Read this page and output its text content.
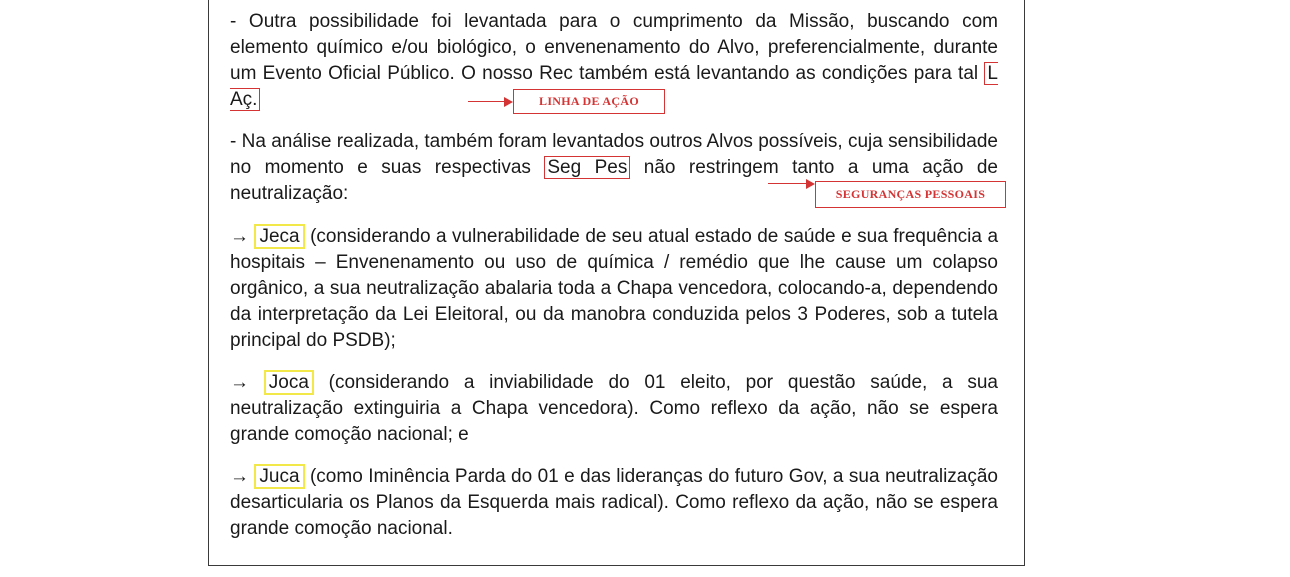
- Outra possibilidade foi levantada para o cumprimento da Missão, buscando com elemento químico e/ou biológico, o envenenamento do Alvo, preferencialmente, durante um Evento Oficial Público. O nosso Rec também está levantando as condições para tal L Aç.

- Na análise realizada, também foram levantados outros Alvos possíveis, cuja sensibilidade no momento e suas respectivas Seg Pes não restringem tanto a uma ação de neutralização:

→ Jeca (considerando a vulnerabilidade de seu atual estado de saúde e sua frequência a hospitais – Envenenamento ou uso de química / remédio que lhe cause um colapso orgânico, a sua neutralização abalaria toda a Chapa vencedora, colocando-a, dependendo da interpretação da Lei Eleitoral, ou da manobra conduzida pelos 3 Poderes, sob a tutela principal do PSDB);

→ Joca (considerando a inviabilidade do 01 eleito, por questão saúde, a sua neutralização extinguiria a Chapa vencedora). Como reflexo da ação, não se espera grande comoção nacional; e

→ Juca (como Iminência Parda do 01 e das lideranças do futuro Gov, a sua neutralização desarticularia os Planos da Esquerda mais radical). Como reflexo da ação, não se espera grande comoção nacional.

LINHA DE AÇÃO
SEGURANÇAS PESSOAIS
